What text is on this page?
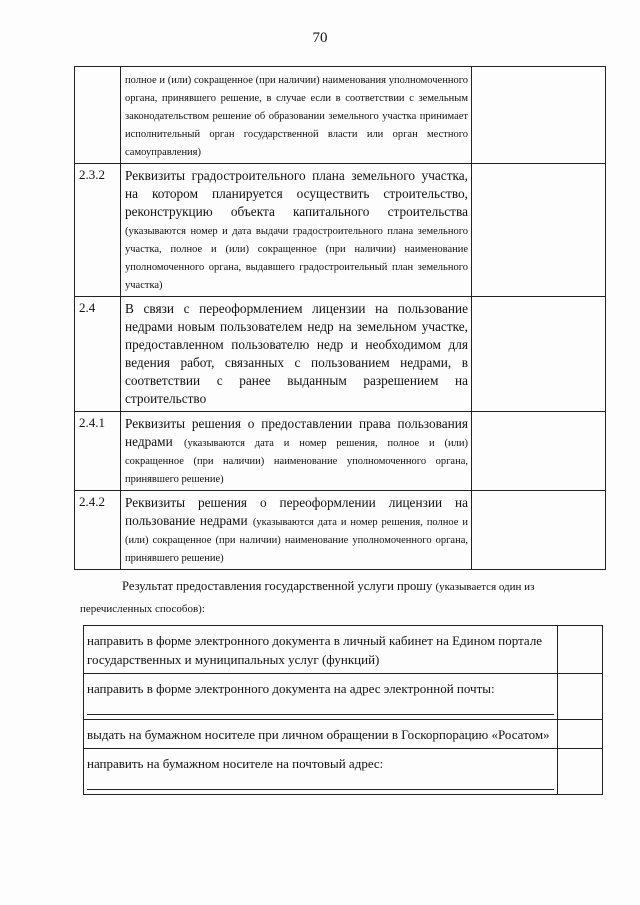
70
	полное и (или) сокращенное (при наличии) наименования уполномоченного органа, принявшего решение, в случае если в соответствии с земельным законодательством решение об образовании земельного участка принимает исполнительный орган государственной власти или орган местного самоуправления)	
2.3.2	Реквизиты градостроительного плана земельного участка, на котором планируется осуществить строительство, реконструкцию объекта капитального строительства (указываются номер и дата выдачи градостроительного плана земельного участка, полное и (или) сокращенное (при наличии) наименование уполномоченного органа, выдавшего градостроительный план земельного участка)	
2.4	В связи с переоформлением лицензии на пользование недрами новым пользователем недр на земельном участке, предоставленном пользователю недр и необходимом для ведения работ, связанных с пользованием недрами, в соответствии с ранее выданным разрешением на строительство	
2.4.1	Реквизиты решения о предоставлении права пользования недрами (указываются дата и номер решения, полное и (или) сокращенное (при наличии) наименование уполномоченного органа, принявшего решение)	
2.4.2	Реквизиты решения о переоформлении лицензии на пользование недрами (указываются дата и номер решения, полное и (или) сокращенное (при наличии) наименование уполномоченного органа, принявшего решение)	
Результат предоставления государственной услуги прошу (указывается один из перечисленных способов):
направить в форме электронного документа в личный кабинет на Едином портале государственных и муниципальных услуг (функций)	

направить в форме электронного документа на адрес электронной почты:	

выдать на бумажном носителе при личном обращении в Госкорпорацию «Росатом»	

направить на бумажном носителе на почтовый адрес:	
